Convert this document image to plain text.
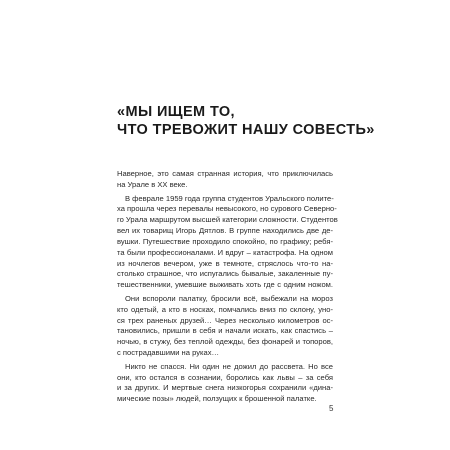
«МЫ ИЩЕМ ТО,
ЧТО ТРЕВОЖИТ НАШУ СОВЕСТЬ»
Наверное, это самая странная история, что приключилась
на Урале в XX веке.
В феврале 1959 года группа студентов Уральского полите-
ха прошла через перевалы невысокого, но сурового Северно-
го Урала маршрутом высшей категории сложности. Студентов
вел их товарищ Игорь Дятлов. В группе находились две де-
вушки. Путешествие проходило спокойно, по графику; ребя-
та были профессионалами. И вдруг – катастрофа. На одном
из ночлегов вечером, уже в темноте, стряслось что-то на-
столько страшное, что испугались бывалые, закаленные пу-
тешественники, умевшие выживать хоть где с одним ножом.
Они вспороли палатку, бросили всё, выбежали на мороз
кто одетый, а кто в носках, помчались вниз по склону, уно-
ся трех раненых друзей… Через несколько километров ос-
тановились, пришли в себя и начали искать, как спастись –
ночью, в стужу, без теплой одежды, без фонарей и топоров,
с пострадавшими на руках…
Никто не спасся. Ни один не дожил до рассвета. Но все
они, кто остался в сознании, боролись как львы – за себя
и за других. И мертвые снега низкогорья сохранили «дина-
мические позы» людей, ползущих к брошенной палатке.
5
